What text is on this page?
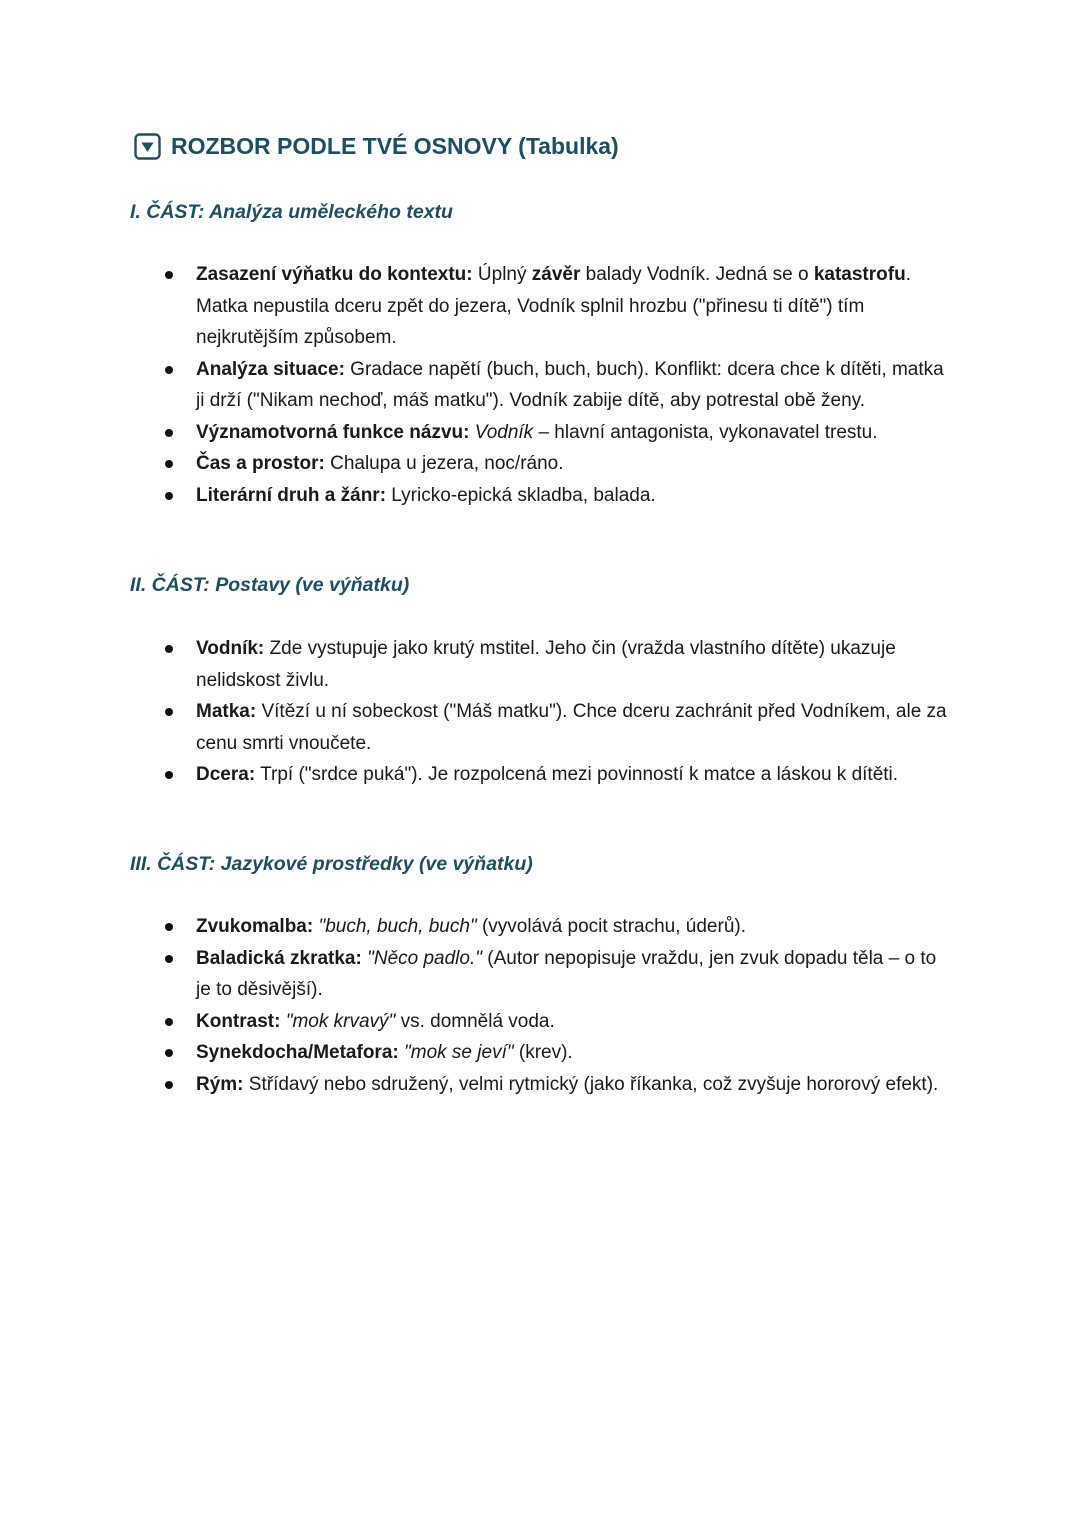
ROZBOR PODLE TVÉ OSNOVY (Tabulka)
I. ČÁST: Analýza uměleckého textu
Zasazení výňatku do kontextu: Úplný závěr balady Vodník. Jedná se o katastrofu. Matka nepustila dceru zpět do jezera, Vodník splnil hrozbu ("přinesu ti dítě") tím nejkrutějším způsobem.
Analýza situace: Gradace napětí (buch, buch, buch). Konflikt: dcera chce k dítěti, matka ji drží ("Nikam nechoď, máš matku"). Vodník zabije dítě, aby potrestal obě ženy.
Významotvorná funkce názvu: Vodník – hlavní antagonista, vykonavatel trestu.
Čas a prostor: Chalupa u jezera, noc/ráno.
Literární druh a žánr: Lyricko-epická skladba, balada.
II. ČÁST: Postavy (ve výňatku)
Vodník: Zde vystupuje jako krutý mstitel. Jeho čin (vražda vlastního dítěte) ukazuje nelidskost živlu.
Matka: Vítězí u ní sobeckost ("Máš matku"). Chce dceru zachránit před Vodníkem, ale za cenu smrti vnoučete.
Dcera: Trpí ("srdce puká"). Je rozpolcená mezi povinností k matce a láskou k dítěti.
III. ČÁST: Jazykové prostředky (ve výňatku)
Zvukomalba: "buch, buch, buch" (vyvolává pocit strachu, úderů).
Baladická zkratka: "Něco padlo." (Autor nepopisuje vraždu, jen zvuk dopadu těla – o to je to děsivější).
Kontrast: "mok krvavý" vs. domnělá voda.
Synekdocha/Metafora: "mok se jeví" (krev).
Rým: Střídavý nebo sdružený, velmi rytmický (jako říkanka, což zvyšuje hororový efekt).
